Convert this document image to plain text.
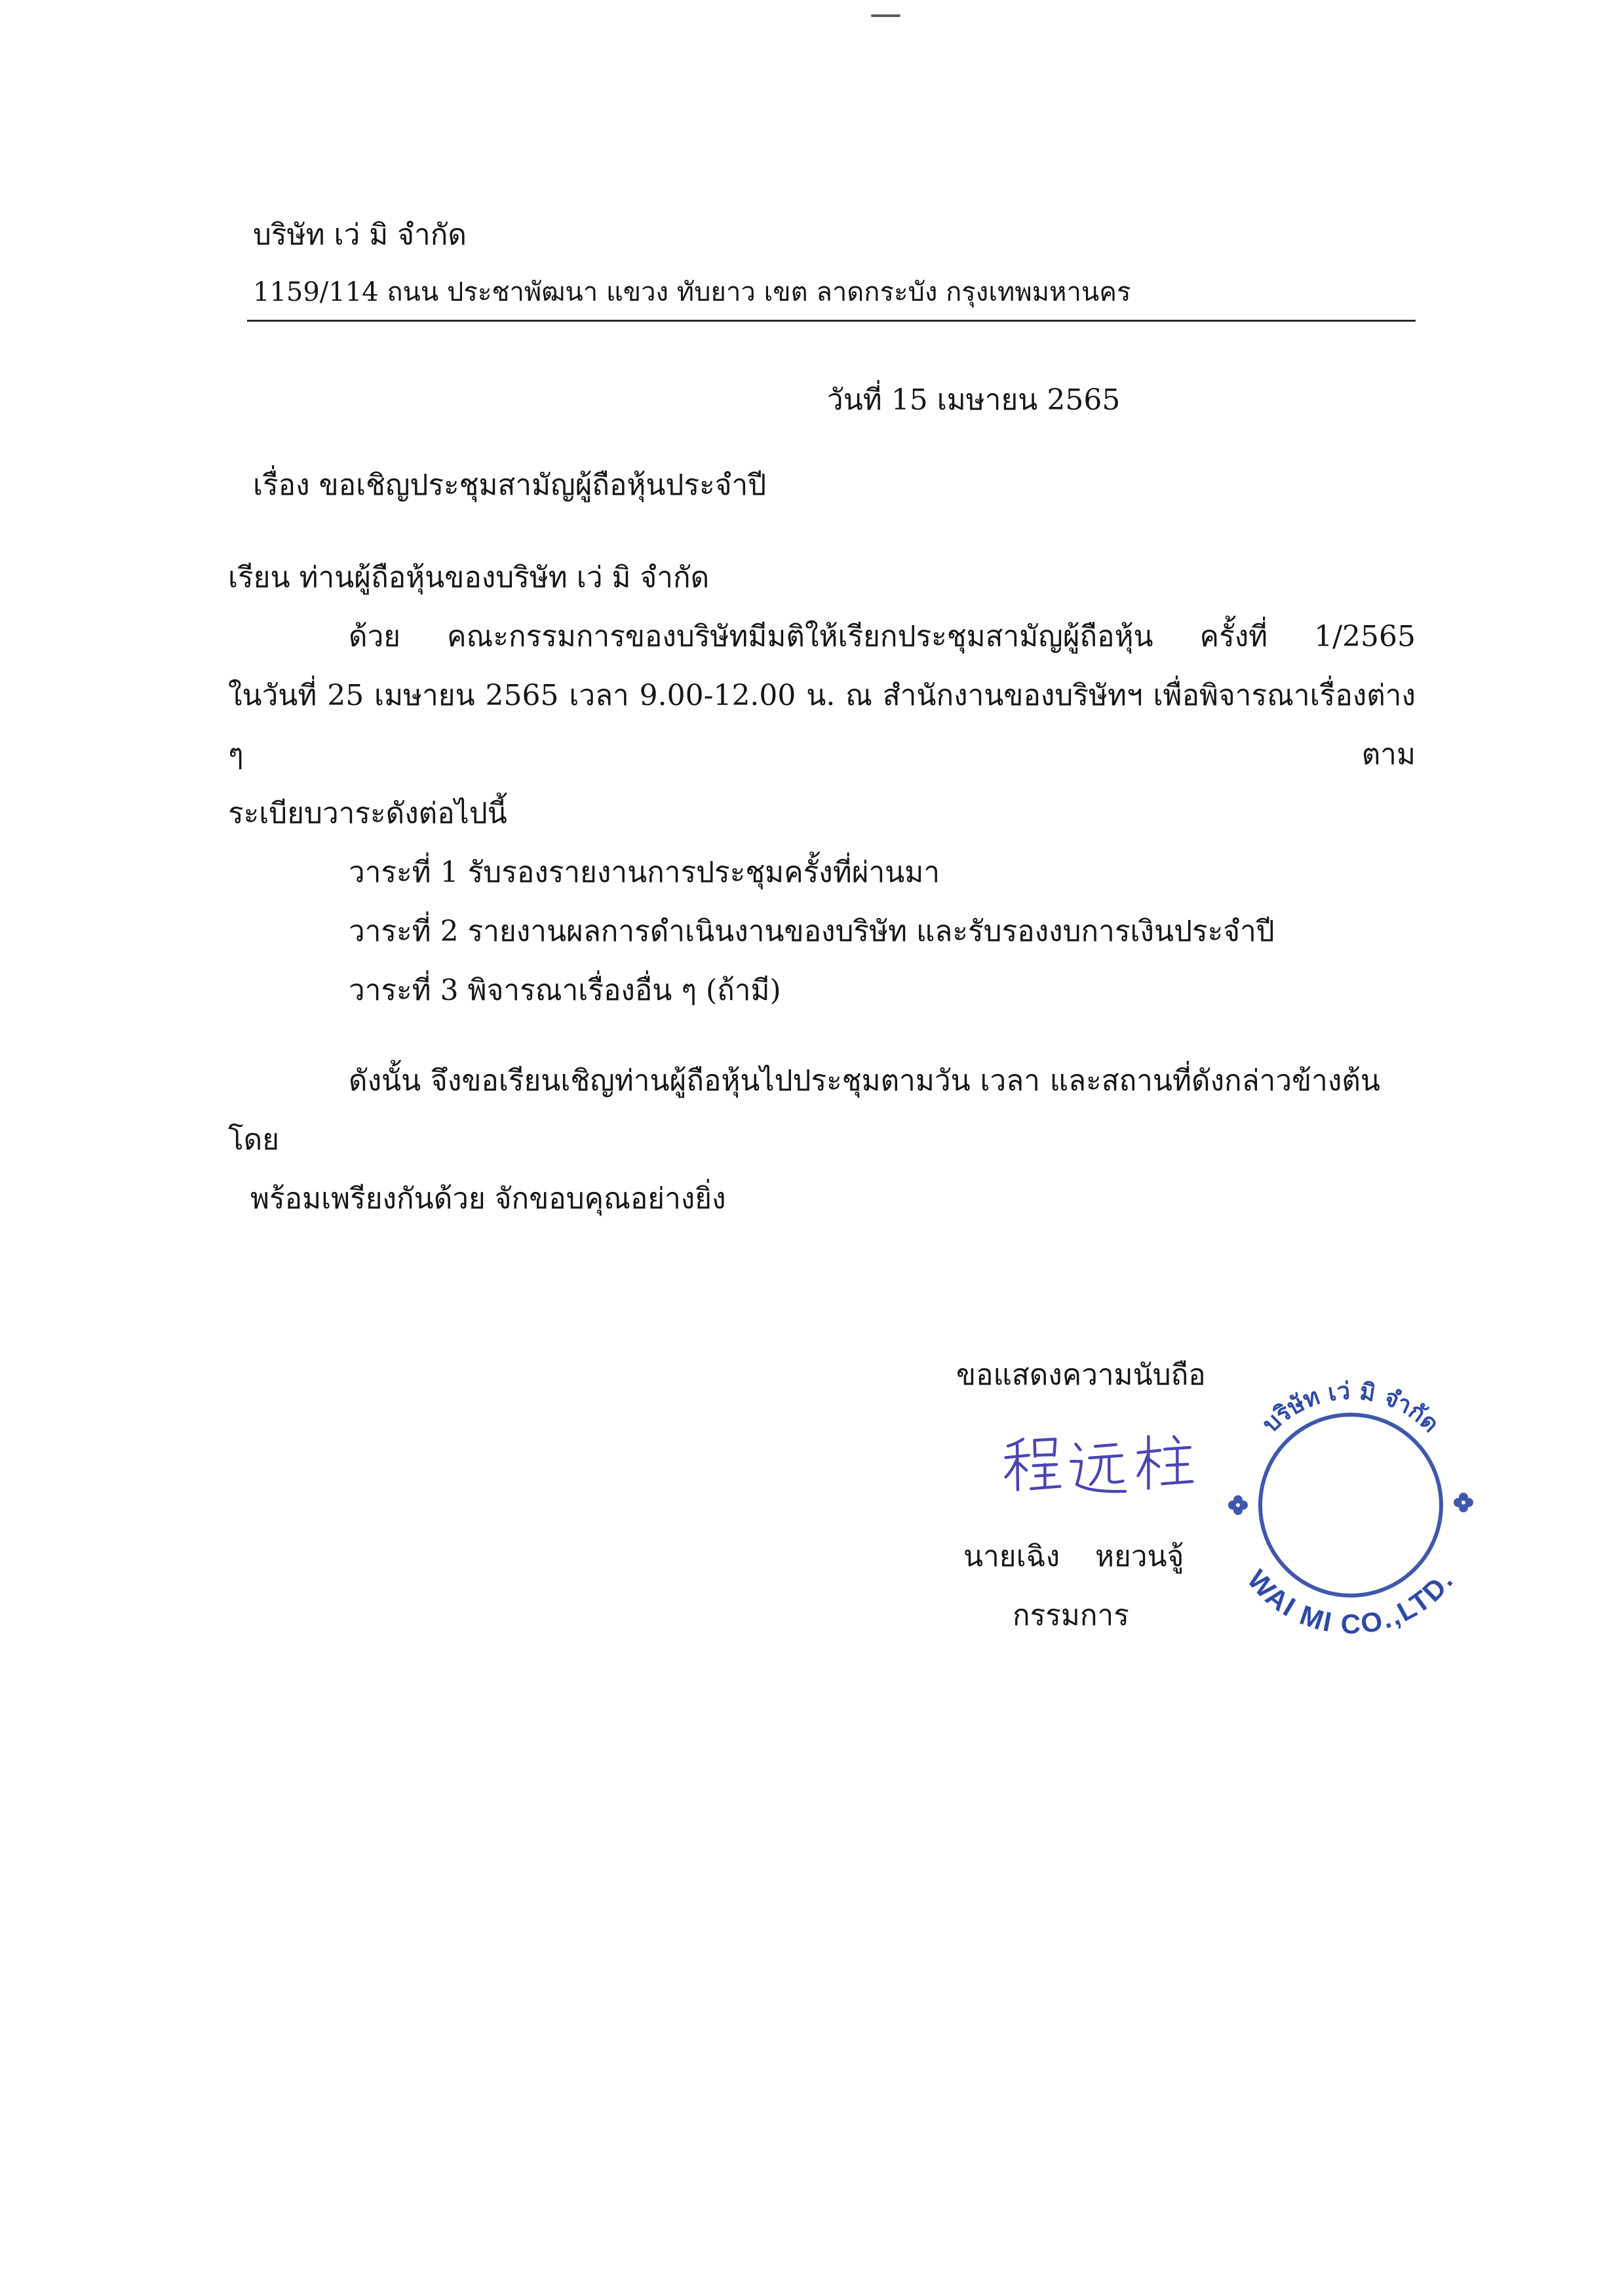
บริษัท เว่ มิ จำกัด
1159/114 ถนน ประชาพัฒนา แขวง ทับยาว เขต ลาดกระบัง กรุงเทพมหานคร
วันที่ 15 เมษายน 2565
เรื่อง ขอเชิญประชุมสามัญผู้ถือหุ้นประจำปี
เรียน ท่านผู้ถือหุ้นของบริษัท เว่ มิ จำกัด
ด้วย คณะกรรมการของบริษัทมีมติให้เรียกประชุมสามัญผู้ถือหุ้น ครั้งที่ 1/2565
ในวันที่ 25 เมษายน 2565 เวลา 9.00-12.00 น. ณ สำนักงานของบริษัทฯ เพื่อพิจารณาเรื่องต่าง ๆ ตาม
ระเบียบวาระดังต่อไปนี้
วาระที่ 1 รับรองรายงานการประชุมครั้งที่ผ่านมา
วาระที่ 2 รายงานผลการดำเนินงานของบริษัท และรับรองงบการเงินประจำปี
วาระที่ 3 พิจารณาเรื่องอื่น ๆ (ถ้ามี)
ดังนั้น จึงขอเรียนเชิญท่านผู้ถือหุ้นไปประชุมตามวัน เวลา และสถานที่ดังกล่าวข้างต้นโดย
พร้อมเพรียงกันด้วย จักขอบคุณอย่างยิ่ง
ขอแสดงความนับถือ
นายเฉิง หยวนจู้
กรรมการ
บริษัท เว่ มิ จำกัด
WAI MI CO.,LTD.
